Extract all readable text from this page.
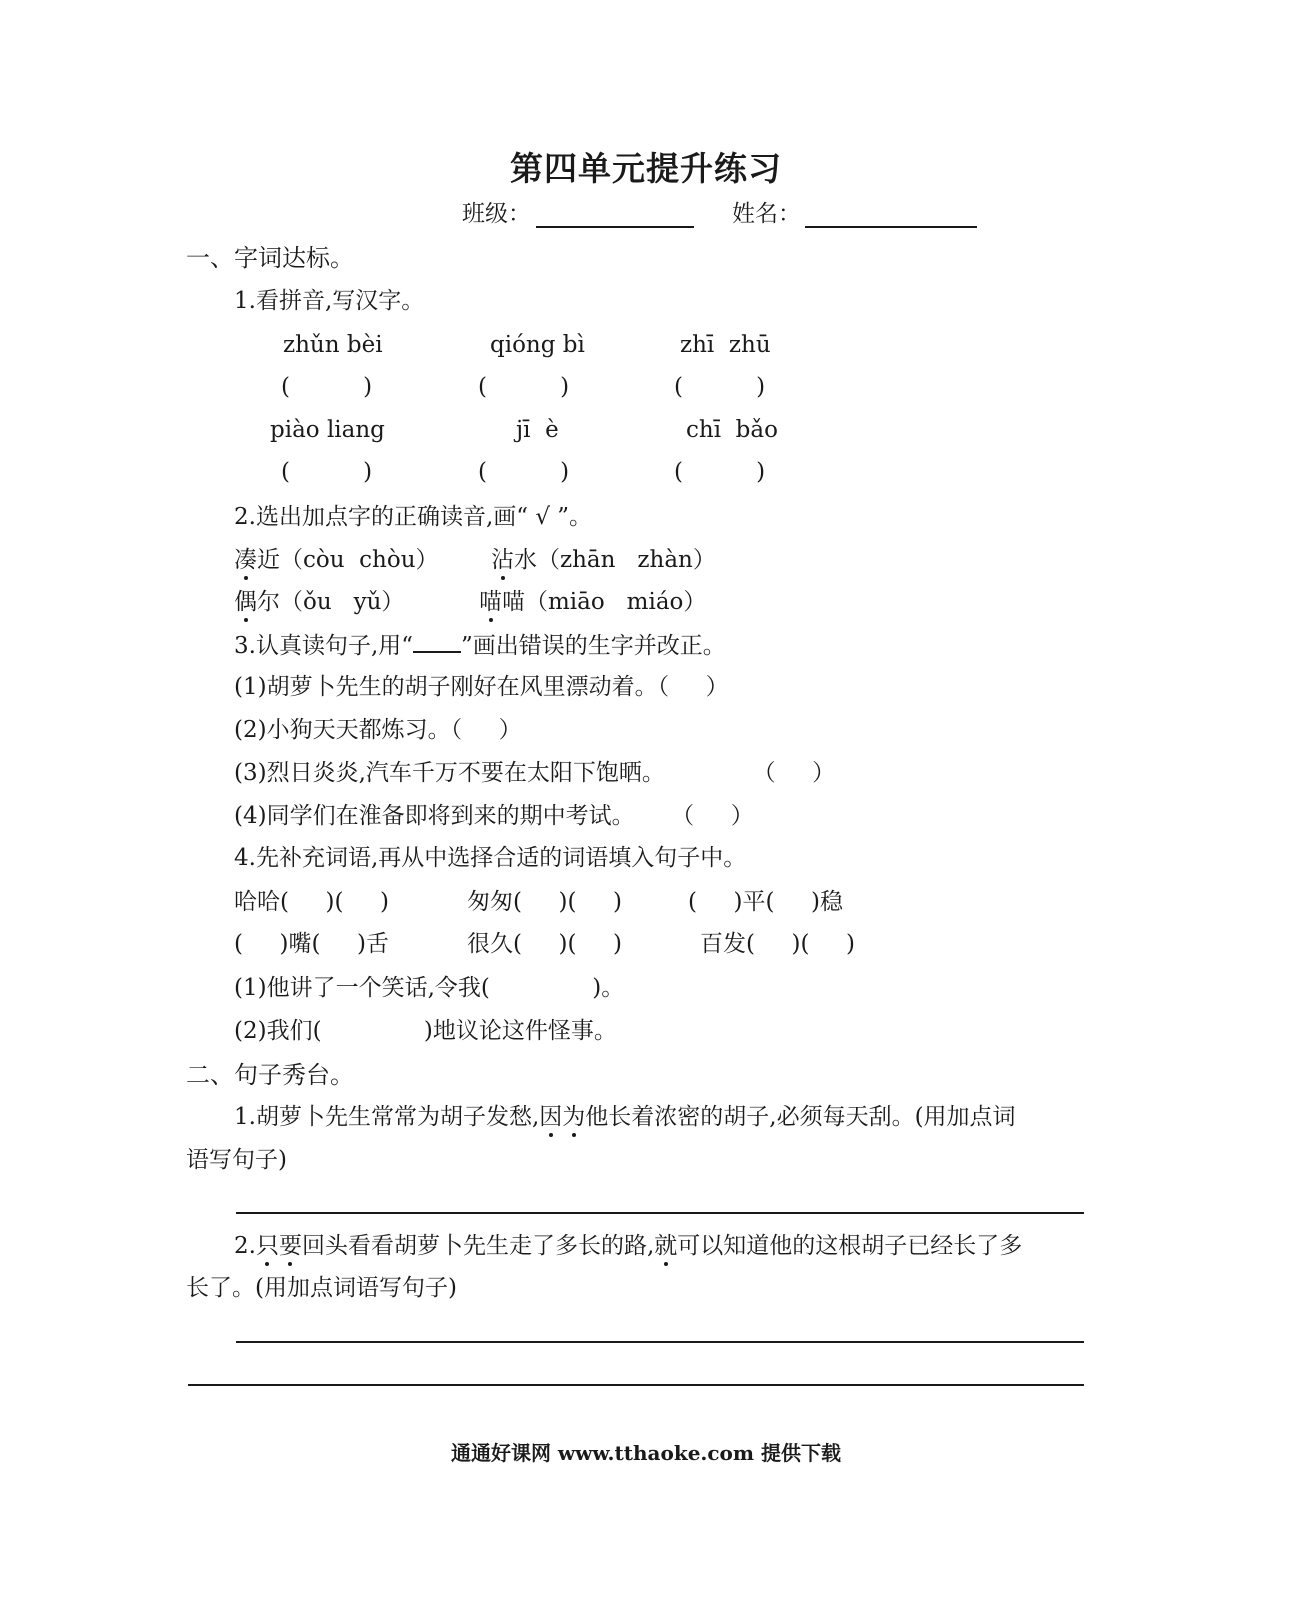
第四单元提升练习
班级：	姓名：
一、字词达标。
1.看拼音,写汉字。
zhǔn bèi	qióng bì	zhī  zhū
(          )	(          )	(          )
piào liang	jī  è	chī  bǎo
(          )	(          )	(          )
2.选出加点字的正确读音,画“ √ ”。
凑近（còu  chòu） 沾水（zhān   zhàn）
偶尔（ǒu   yǔ）	喵喵（miāo   miáo）
3.认真读句子,用“ ”画出错误的生字并改正。
(1)胡萝卜先生的胡子刚好在风里漂动着。（     ）
(2)小狗天天都炼习。（     ）
(3)烈日炎炎,汽车千万不要在太阳下饱晒。            （     ）
(4)同学们在淮备即将到来的期中考试。     （     ）
4.先补充词语,再从中选择合适的词语填入句子中。
哈哈(     )(     )	匆匆(     )(     )	(     )平(     )稳
(     )嘴(     )舌	很久(     )(     )	百发(     )(     )
(1)他讲了一个笑话,令我(              )。
(2)我们(              )地议论这件怪事。
二、句子秀台。
1.胡萝卜先生常常为胡子发愁,因为他长着浓密的胡子,必须每天刮。(用加点词
语写句子)
2.只要回头看看胡萝卜先生走了多长的路,就可以知道他的这根胡子已经长了多
长了。(用加点词语写句子)
通通好课网 www.tthaoke.com 提供下载
